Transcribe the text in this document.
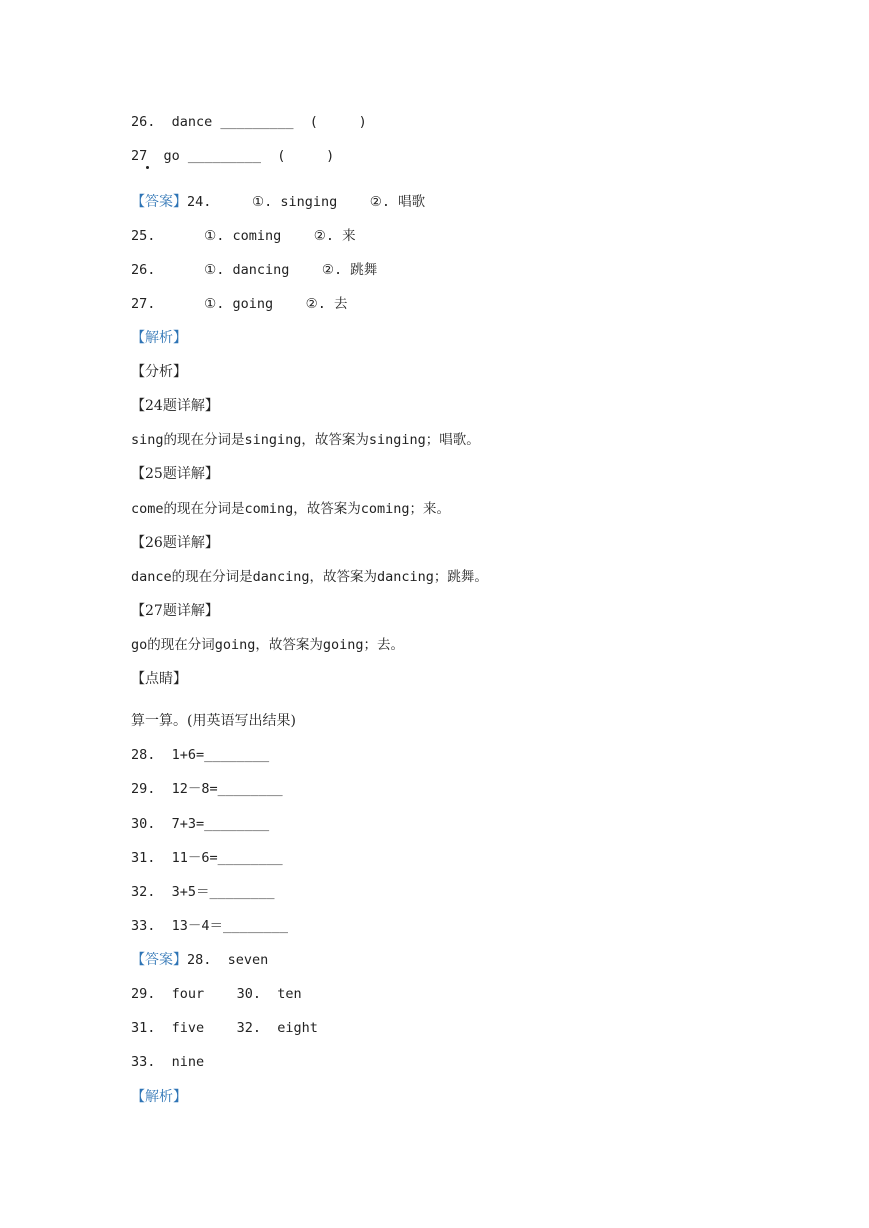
26.  dance _________  (     )
27  go _________  (     )
【答案】24.     ①. singing    ②. 唱歌
25.      ①. coming    ②. 来
26.      ①. dancing    ②. 跳舞
27.      ①. going    ②. 去
【解析】
【分析】
【24题详解】
sing的现在分词是singing，故答案为singing；唱歌。
【25题详解】
come的现在分词是coming，故答案为coming；来。
【26题详解】
dance的现在分词是dancing，故答案为dancing；跳舞。
【27题详解】
go的现在分词going，故答案为going；去。
【点睛】
算一算。(用英语写出结果)
28.  1+6=________
29.  12－8=________
30.  7+3=________
31.  11－6=________
32.  3+5＝________
33.  13－4＝________
【答案】28.  seven
29.  four    30.  ten
31.  five    32.  eight
33.  nine
【解析】
